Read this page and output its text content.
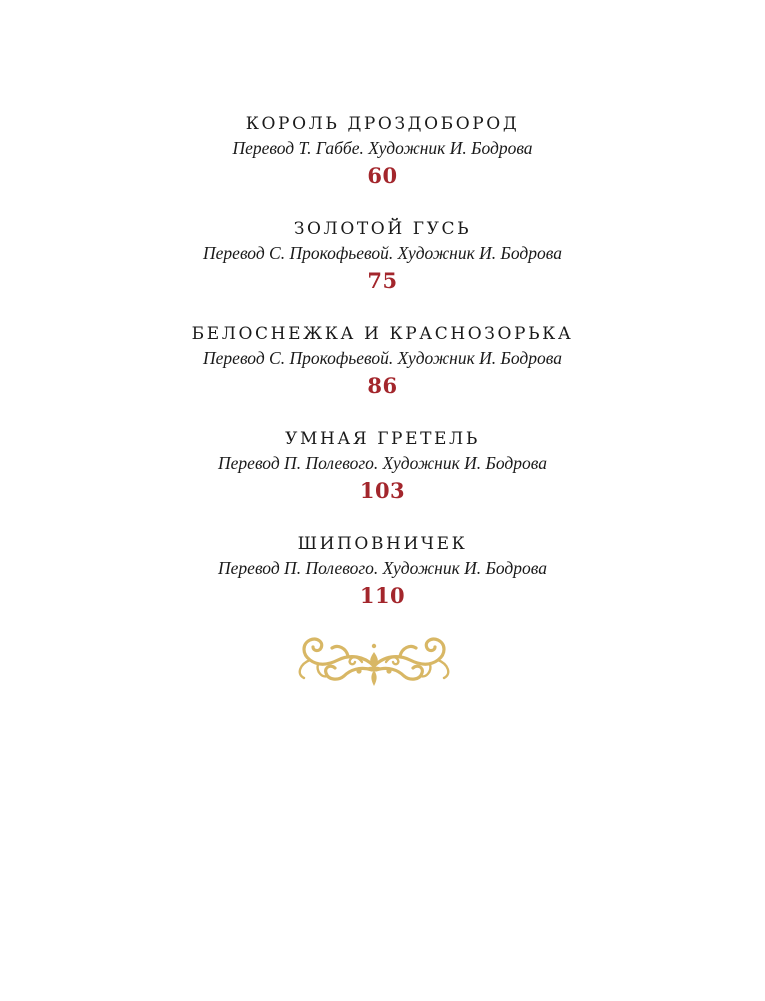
КОРОЛЬ ДРОЗДОБОРОД
Перевод Т. Габбе. Художник И. Бодрова
60
ЗОЛОТОЙ ГУСЬ
Перевод С. Прокофьевой. Художник И. Бодрова
75
БЕЛОСНЕЖКА И КРАСНОЗОРЬКА
Перевод С. Прокофьевой. Художник И. Бодрова
86
УМНАЯ ГРЕТЕЛЬ
Перевод П. Полевого. Художник И. Бодрова
103
ШИПОВНИЧЕК
Перевод П. Полевого. Художник И. Бодрова
110
